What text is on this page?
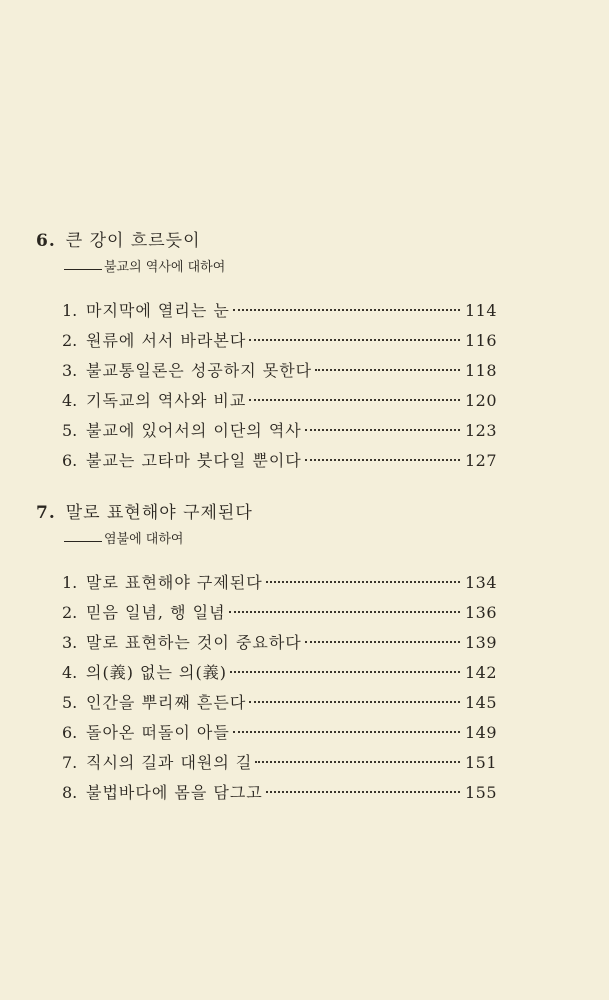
6. 큰 강이 흐르듯이
불교의 역사에 대하여
1. 마지막에 열리는 눈	114
2. 원류에 서서 바라본다	116
3. 불교통일론은 성공하지 못한다	118
4. 기독교의 역사와 비교	120
5. 불교에 있어서의 이단의 역사	123
6. 불교는 고타마 붓다일 뿐이다	127
7. 말로 표현해야 구제된다
염불에 대하여
1. 말로 표현해야 구제된다	134
2. 믿음 일념, 행 일념	136
3. 말로 표현하는 것이 중요하다	139
4. 의(義) 없는 의(義)	142
5. 인간을 뿌리째 흔든다	145
6. 돌아온 떠돌이 아들	149
7. 직시의 길과 대원의 길	151
8. 불법바다에 몸을 담그고	155
